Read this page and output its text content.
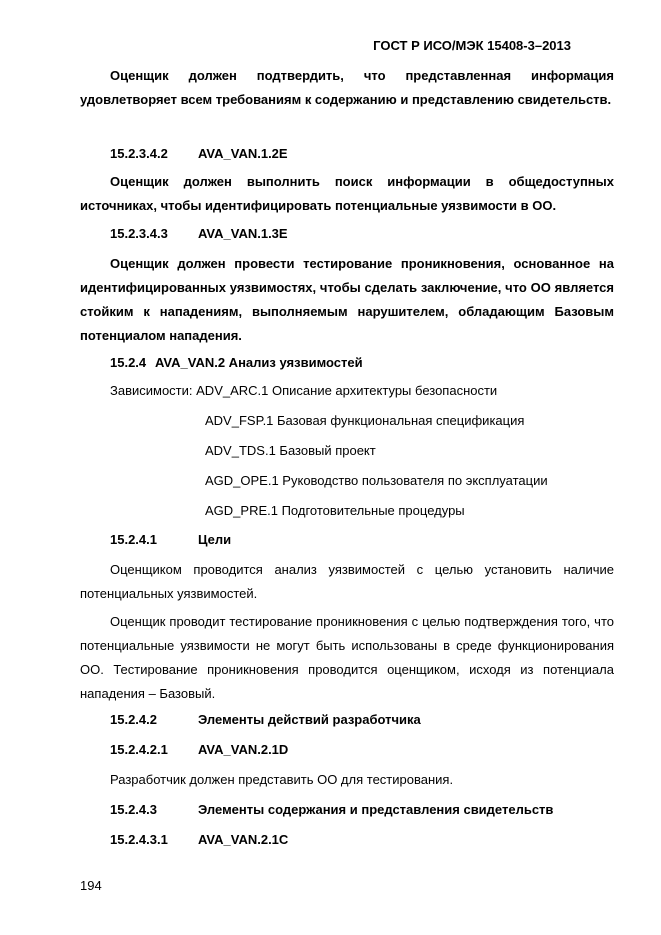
ГОСТ Р ИСО/МЭК 15408-3–2013
Оценщик должен подтвердить, что представленная информация удовлетворяет всем требованиям к содержанию и представлению свидетельств.
15.2.3.4.2 AVA_VAN.1.2E
Оценщик должен выполнить поиск информации в общедоступных источниках, чтобы идентифицировать потенциальные уязвимости в ОО.
15.2.3.4.3 AVA_VAN.1.3E
Оценщик должен провести тестирование проникновения, основанное на идентифицированных уязвимостях, чтобы сделать заключение, что ОО является стойким к нападениям, выполняемым нарушителем, обладающим Базовым потенциалом нападения.
15.2.4 AVA_VAN.2 Анализ уязвимостей
Зависимости: ADV_ARC.1 Описание архитектуры безопасности
ADV_FSP.1 Базовая функциональная спецификация
ADV_TDS.1 Базовый проект
AGD_OPE.1 Руководство пользователя по эксплуатации
AGD_PRE.1 Подготовительные процедуры
15.2.4.1	Цели
Оценщиком проводится анализ уязвимостей с целью установить наличие потенциальных уязвимостей.
Оценщик проводит тестирование проникновения с целью подтверждения того, что потенциальные уязвимости не могут быть использованы в среде функционирования ОО. Тестирование проникновения проводится оценщиком, исходя из потенциала нападения – Базовый.
15.2.4.2	Элементы действий разработчика
15.2.4.2.1 AVA_VAN.2.1D
Разработчик должен представить ОО для тестирования.
15.2.4.3	Элементы содержания и представления свидетельств
15.2.4.3.1 AVA_VAN.2.1C
194
